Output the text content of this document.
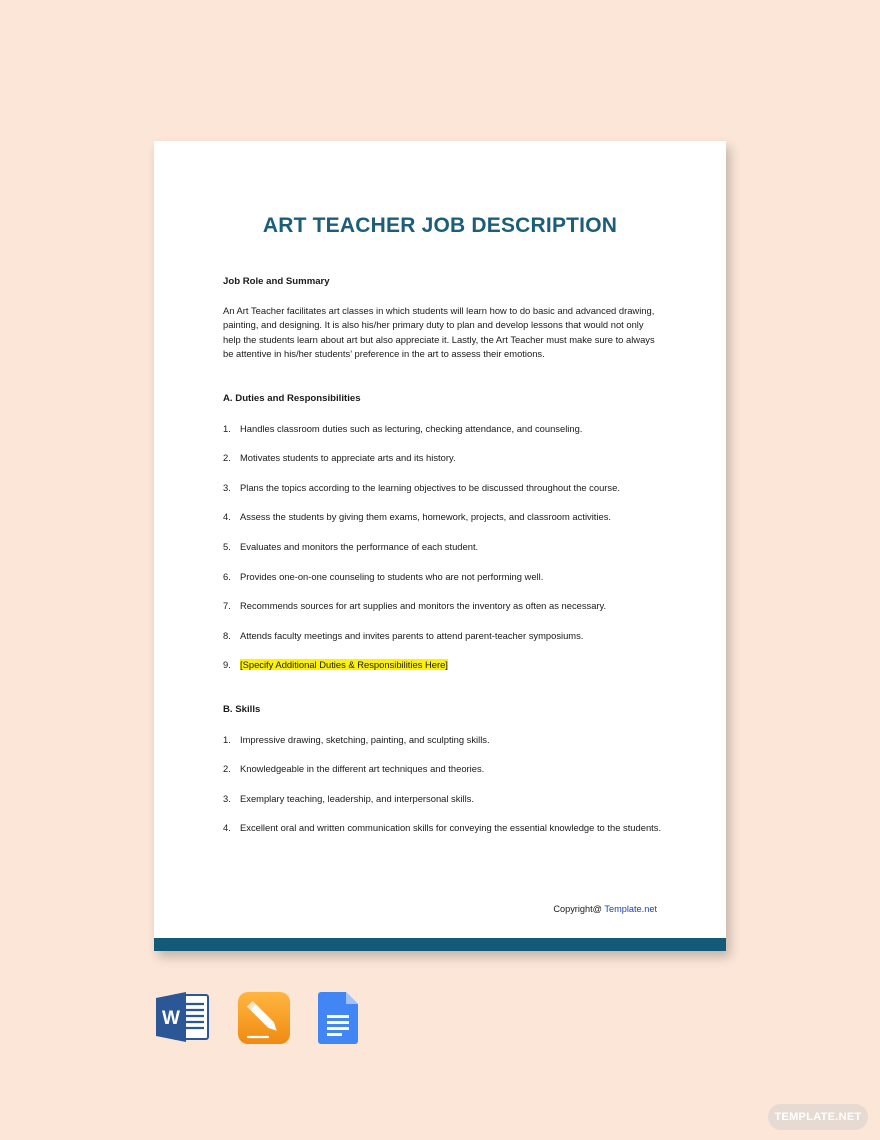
ART TEACHER JOB DESCRIPTION

Job Role and Summary

An Art Teacher facilitates art classes in which students will learn how to do basic and advanced drawing, painting, and designing. It is also his/her primary duty to plan and develop lessons that would not only help the students learn about art but also appreciate it. Lastly, the Art Teacher must make sure to always be attentive in his/her students’ preference in the art to assess their emotions.

A. Duties and Responsibilities

1. Handles classroom duties such as lecturing, checking attendance, and counseling.
2. Motivates students to appreciate arts and its history.
3. Plans the topics according to the learning objectives to be discussed throughout the course.
4. Assess the students by giving them exams, homework, projects, and classroom activities.
5. Evaluates and monitors the performance of each student.
6. Provides one-on-one counseling to students who are not performing well.
7. Recommends sources for art supplies and monitors the inventory as often as necessary.
8. Attends faculty meetings and invites parents to attend parent-teacher symposiums.
9. [Specify Additional Duties & Responsibilities Here]

B. Skills

1. Impressive drawing, sketching, painting, and sculpting skills.
2. Knowledgeable in the different art techniques and theories.
3. Exemplary teaching, leadership, and interpersonal skills.
4. Excellent oral and written communication skills for conveying the essential knowledge to the students.
Copyright@ Template.net
W
TEMPLATE.NET
